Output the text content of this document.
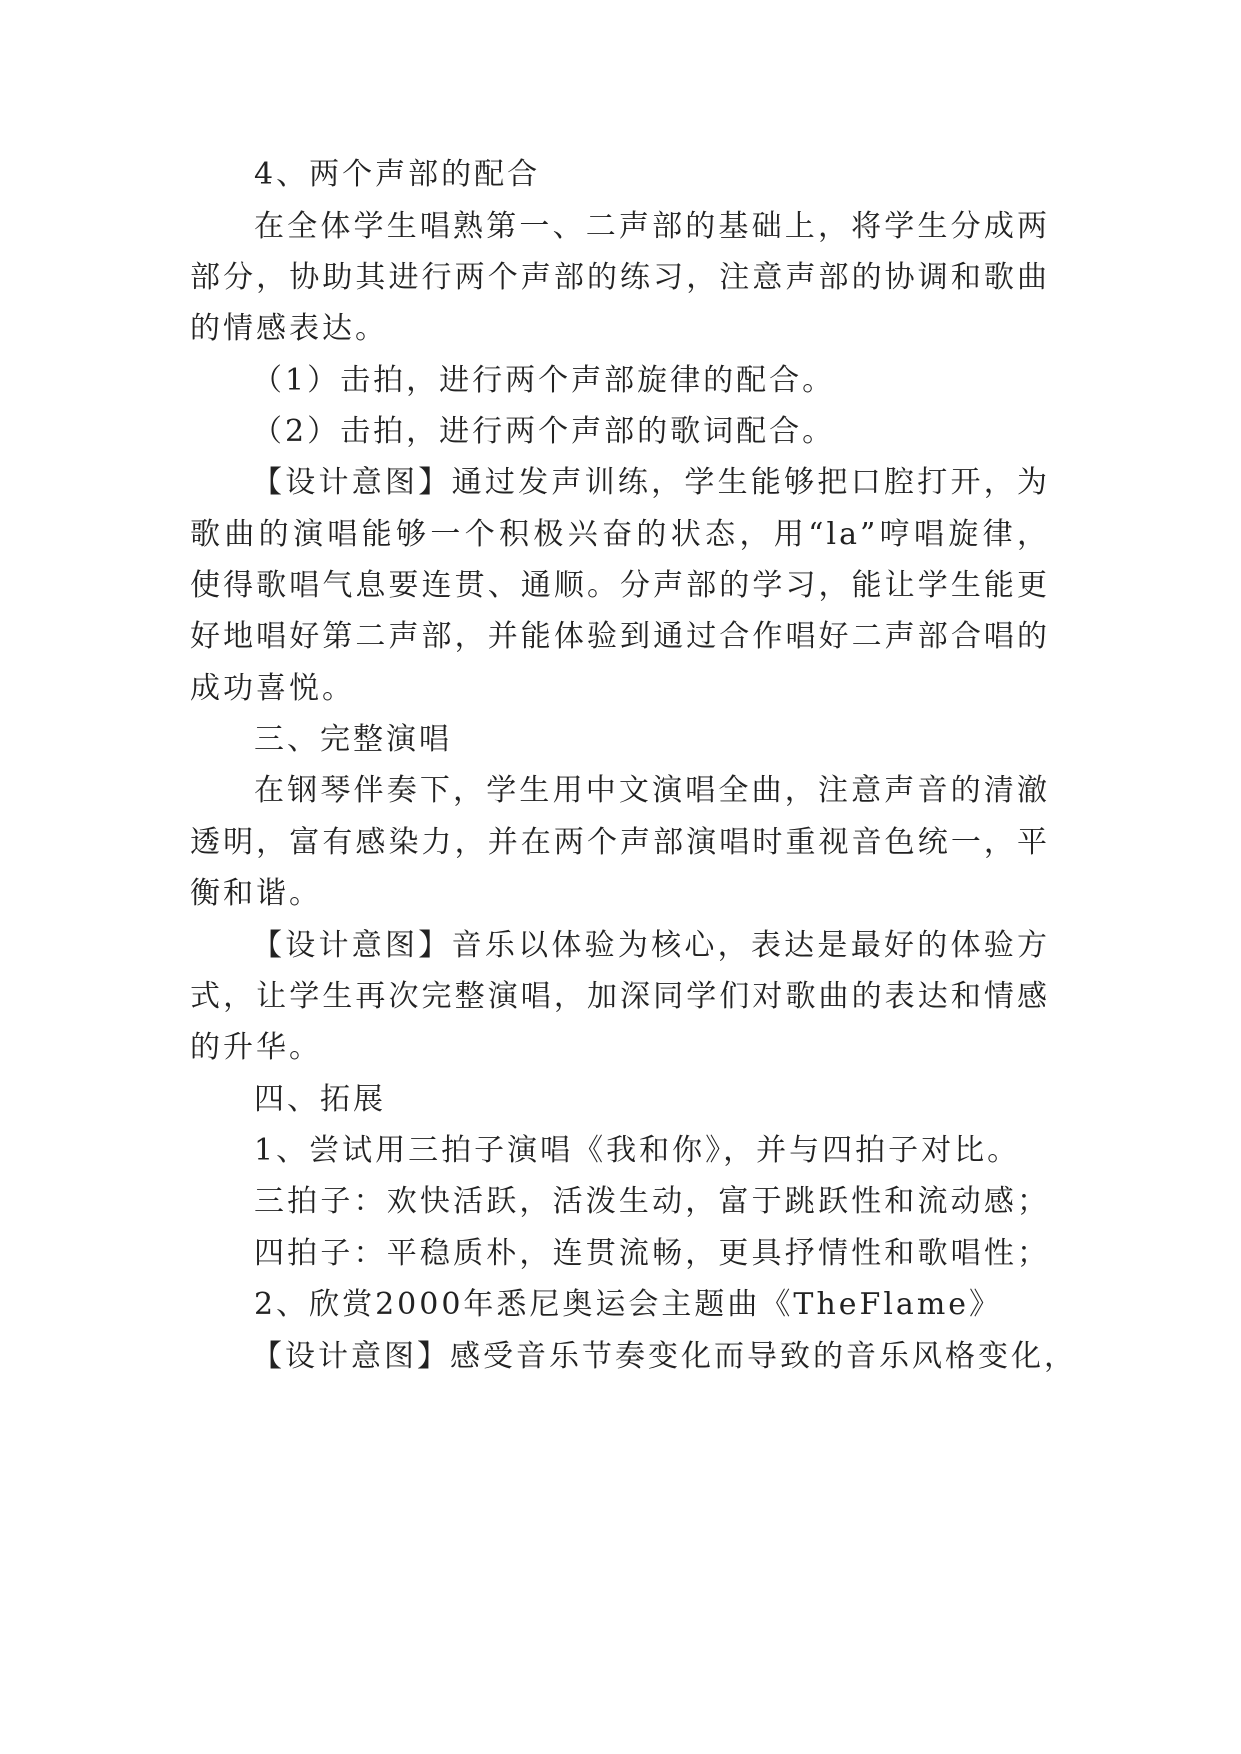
4、两个声部的配合
在全体学生唱熟第一、二声部的基础上，将学生分成两
部分，协助其进行两个声部的练习，注意声部的协调和歌曲
的情感表达。
（1）击拍，进行两个声部旋律的配合。
（2）击拍，进行两个声部的歌词配合。
【设计意图】通过发声训练，学生能够把口腔打开，为
歌曲的演唱能够一个积极兴奋的状态，用“la”哼唱旋律，
使得歌唱气息要连贯、通顺。分声部的学习，能让学生能更
好地唱好第二声部，并能体验到通过合作唱好二声部合唱的
成功喜悦。
三、完整演唱
在钢琴伴奏下，学生用中文演唱全曲，注意声音的清澈
透明，富有感染力，并在两个声部演唱时重视音色统一，平
衡和谐。
【设计意图】音乐以体验为核心，表达是最好的体验方
式，让学生再次完整演唱，加深同学们对歌曲的表达和情感
的升华。
四、拓展
1、尝试用三拍子演唱《我和你》，并与四拍子对比。
三拍子：欢快活跃，活泼生动，富于跳跃性和流动感；
四拍子：平稳质朴，连贯流畅，更具抒情性和歌唱性；
2、欣赏2000年悉尼奥运会主题曲《TheFlame》
【设计意图】感受音乐节奏变化而导致的音乐风格变化，
